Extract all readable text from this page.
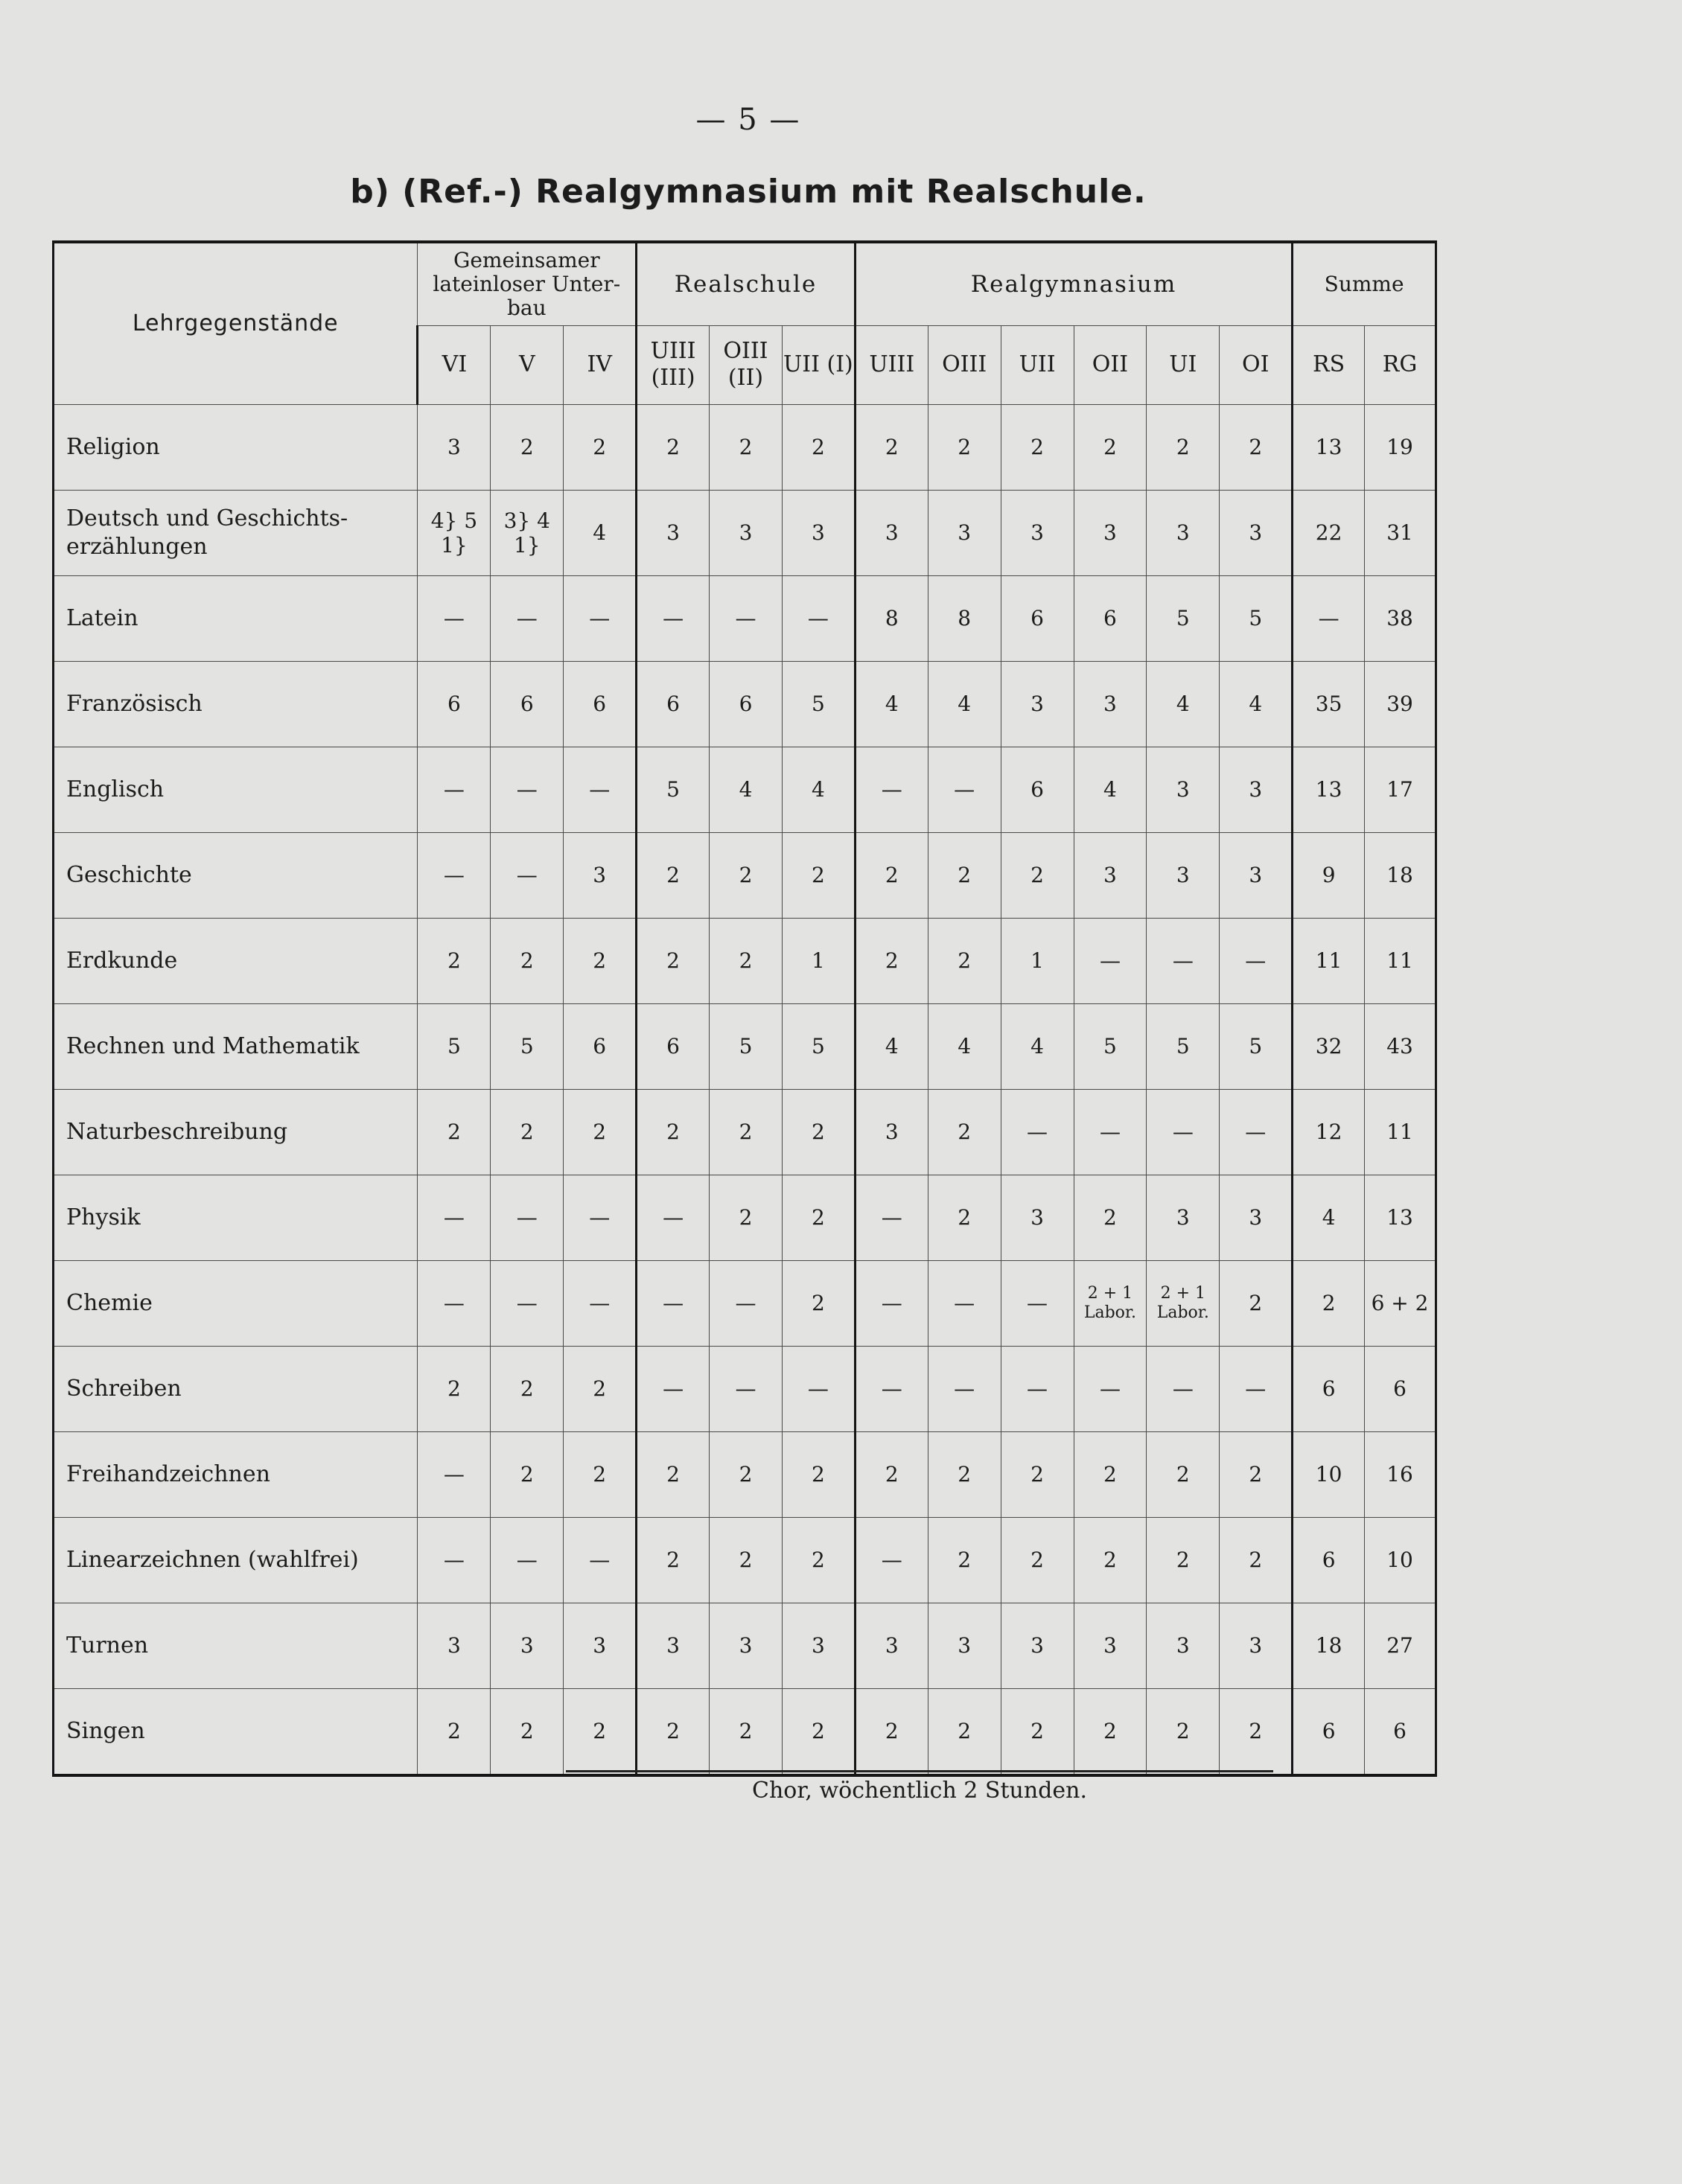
— 5 —
b) (Ref.-) Realgymnasium mit Realschule.
Lehrgegenstände	Gemeinsamer lateinloser Unter-bau			Realschule			Realgymnasium						Summe	
	VI	V	IV	UIII (III)	OIII (II)	UII (I)	UIII	OIII	UII	OII	UI	OI	RS	RG
Religion	3	2	2	2	2	2	2	2	2	2	2	2	13	19
Deutsch und Geschichts-erzählungen	4} 5 1}	3} 4 1}	4	3	3	3	3	3	3	3	3	3	22	31
Latein	—	—	—	—	—	—	8	8	6	6	5	5	—	38
Französisch	6	6	6	6	6	5	4	4	3	3	4	4	35	39
Englisch	—	—	—	5	4	4	—	—	6	4	3	3	13	17
Geschichte	—	—	3	2	2	2	2	2	2	3	3	3	9	18
Erdkunde	2	2	2	2	2	1	2	2	1	—	—	—	11	11
Rechnen und Mathematik	5	5	6	6	5	5	4	4	4	5	5	5	32	43
Naturbeschreibung	2	2	2	2	2	2	3	2	—	—	—	—	12	11
Physik	—	—	—	—	2	2	—	2	3	2	3	3	4	13
Chemie	—	—	—	—	—	2	—	—	—	2 + 1 Labor.	2 + 1 Labor.	2	2	6 + 2
Schreiben	2	2	2	—	—	—	—	—	—	—	—	—	6	6
Freihandzeichnen	—	2	2	2	2	2	2	2	2	2	2	2	10	16
Linearzeichnen (wahlfrei)	—	—	—	2	2	2	—	2	2	2	2	2	6	10
Turnen	3	3	3	3	3	3	3	3	3	3	3	3	18	27
Singen	2	2	2	2	2	2	2	2	2	2	2	2	6	6
Chor, wöchentlich 2 Stunden.
